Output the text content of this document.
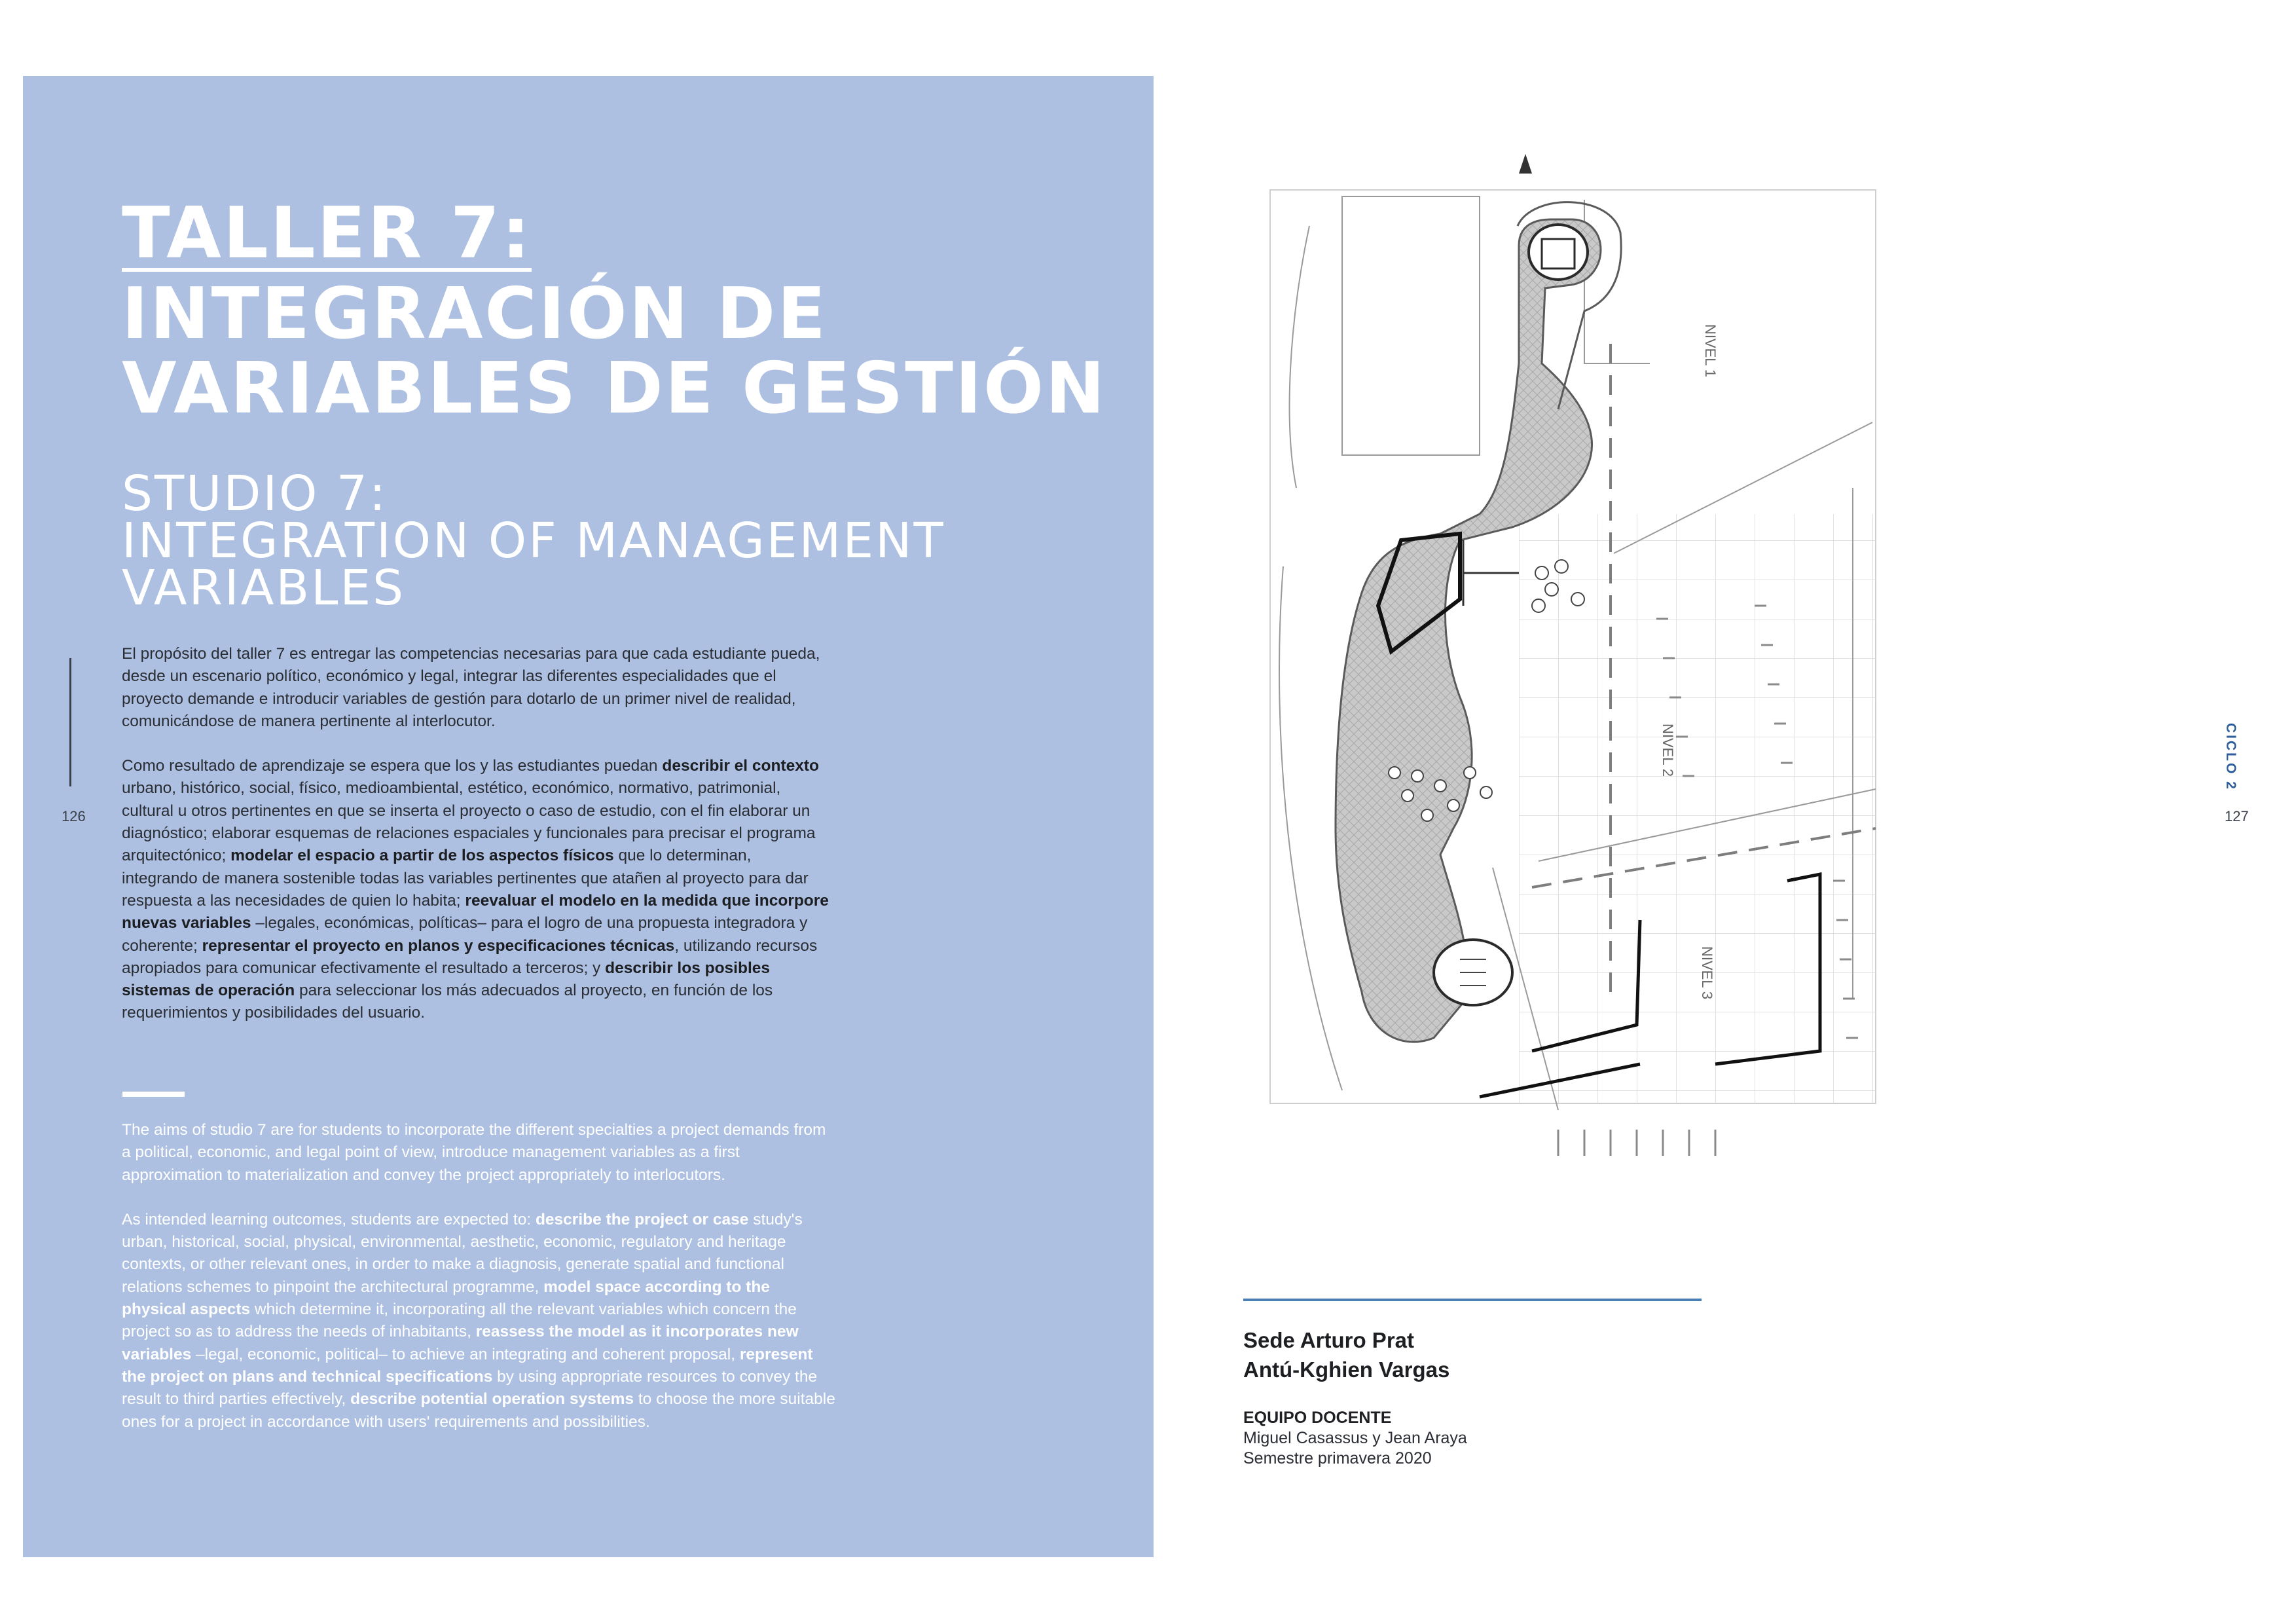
TALLER 7:
INTEGRACIÓN DE
VARIABLES DE GESTIÓN
STUDIO 7:
INTEGRATION OF MANAGEMENT
VARIABLES

El propósito del taller 7 es entregar las competencias necesarias para que cada estudiante pueda, desde un escenario político, económico y legal, integrar las diferentes especialidades que el proyecto demande e introducir variables de gestión para dotarlo de un primer nivel de realidad, comunicándose de manera pertinente al interlocutor.

Como resultado de aprendizaje se espera que los y las estudiantes puedan describir el contexto urbano, histórico, social, físico, medioambiental, estético, económico, normativo, patrimonial, cultural u otros pertinentes en que se inserta el proyecto o caso de estudio, con el fin elaborar un diagnóstico; elaborar esquemas de relaciones espaciales y funcionales para precisar el programa arquitectónico; modelar el espacio a partir de los aspectos físicos que lo determinan, integrando de manera sostenible todas las variables pertinentes que atañen al proyecto para dar respuesta a las necesidades de quien lo habita; reevaluar el modelo en la medida que incorpore nuevas variables –legales, económicas, políticas– para el logro de una propuesta integradora y coherente; representar el proyecto en planos y especificaciones técnicas, utilizando recursos apropiados para comunicar efectivamente el resultado a terceros; y describir los posibles sistemas de operación para seleccionar los más adecuados al proyecto, en función de los requerimientos y posibilidades del usuario.

The aims of studio 7 are for students to incorporate the different specialties a project demands from a political, economic, and legal point of view, introduce management variables as a first approximation to materialization and convey the project appropriately to interlocutors.

As intended learning outcomes, students are expected to: describe the project or case study's urban, historical, social, physical, environmental, aesthetic, economic, regulatory and heritage contexts, or other relevant ones, in order to make a diagnosis, generate spatial and functional relations schemes to pinpoint the architectural programme, model space according to the physical aspects which determine it, incorporating all the relevant variables which concern the project so as to address the needs of inhabitants, reassess the model as it incorporates new variables –legal, economic, political– to achieve an integrating and coherent proposal, represent the project on plans and technical specifications by using appropriate resources to convey the result to third parties effectively, describe potential operation systems to choose the more suitable ones for a project in accordance with users' requirements and possibilities.

126	127
CICLO 2
NIVEL 1
NIVEL 2
NIVEL 3
Sede Arturo Prat
Antú-Kghien Vargas
EQUIPO DOCENTE
Miguel Casassus y Jean Araya
Semestre primavera 2020
